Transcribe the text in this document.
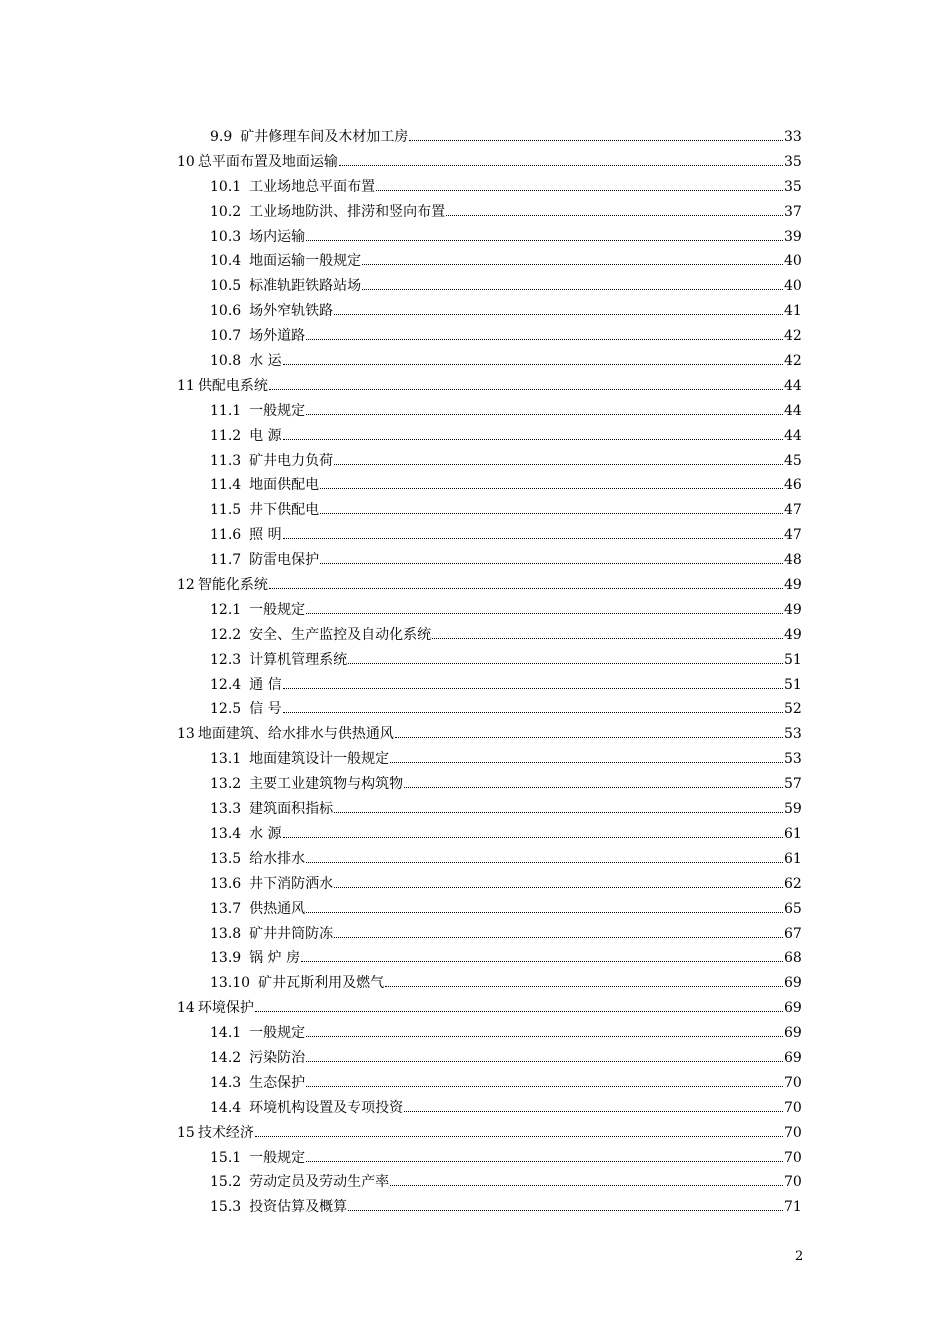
9.9 矿井修理车间及木材加工房	33
10 总平面布置及地面运输	35
10.1 工业场地总平面布置	35
10.2 工业场地防洪、排涝和竖向布置	37
10.3 场内运输	39
10.4 地面运输一般规定	40
10.5 标准轨距铁路站场	40
10.6 场外窄轨铁路	41
10.7 场外道路	42
10.8 水 运	42
11 供配电系统	44
11.1 一般规定	44
11.2 电 源	44
11.3 矿井电力负荷	45
11.4 地面供配电	46
11.5 井下供配电	47
11.6 照 明	47
11.7 防雷电保护	48
12 智能化系统	49
12.1 一般规定	49
12.2 安全、生产监控及自动化系统	49
12.3 计算机管理系统	51
12.4 通 信	51
12.5 信 号	52
13 地面建筑、给水排水与供热通风	53
13.1 地面建筑设计一般规定	53
13.2 主要工业建筑物与构筑物	57
13.3 建筑面积指标	59
13.4 水 源	61
13.5 给水排水	61
13.6 井下消防洒水	62
13.7 供热通风	65
13.8 矿井井筒防冻	67
13.9 锅 炉 房	68
13.10 矿井瓦斯利用及燃气	69
14 环境保护	69
14.1 一般规定	69
14.2 污染防治	69
14.3 生态保护	70
14.4 环境机构设置及专项投资	70
15 技术经济	70
15.1 一般规定	70
15.2 劳动定员及劳动生产率	70
15.3 投资估算及概算	71
2
